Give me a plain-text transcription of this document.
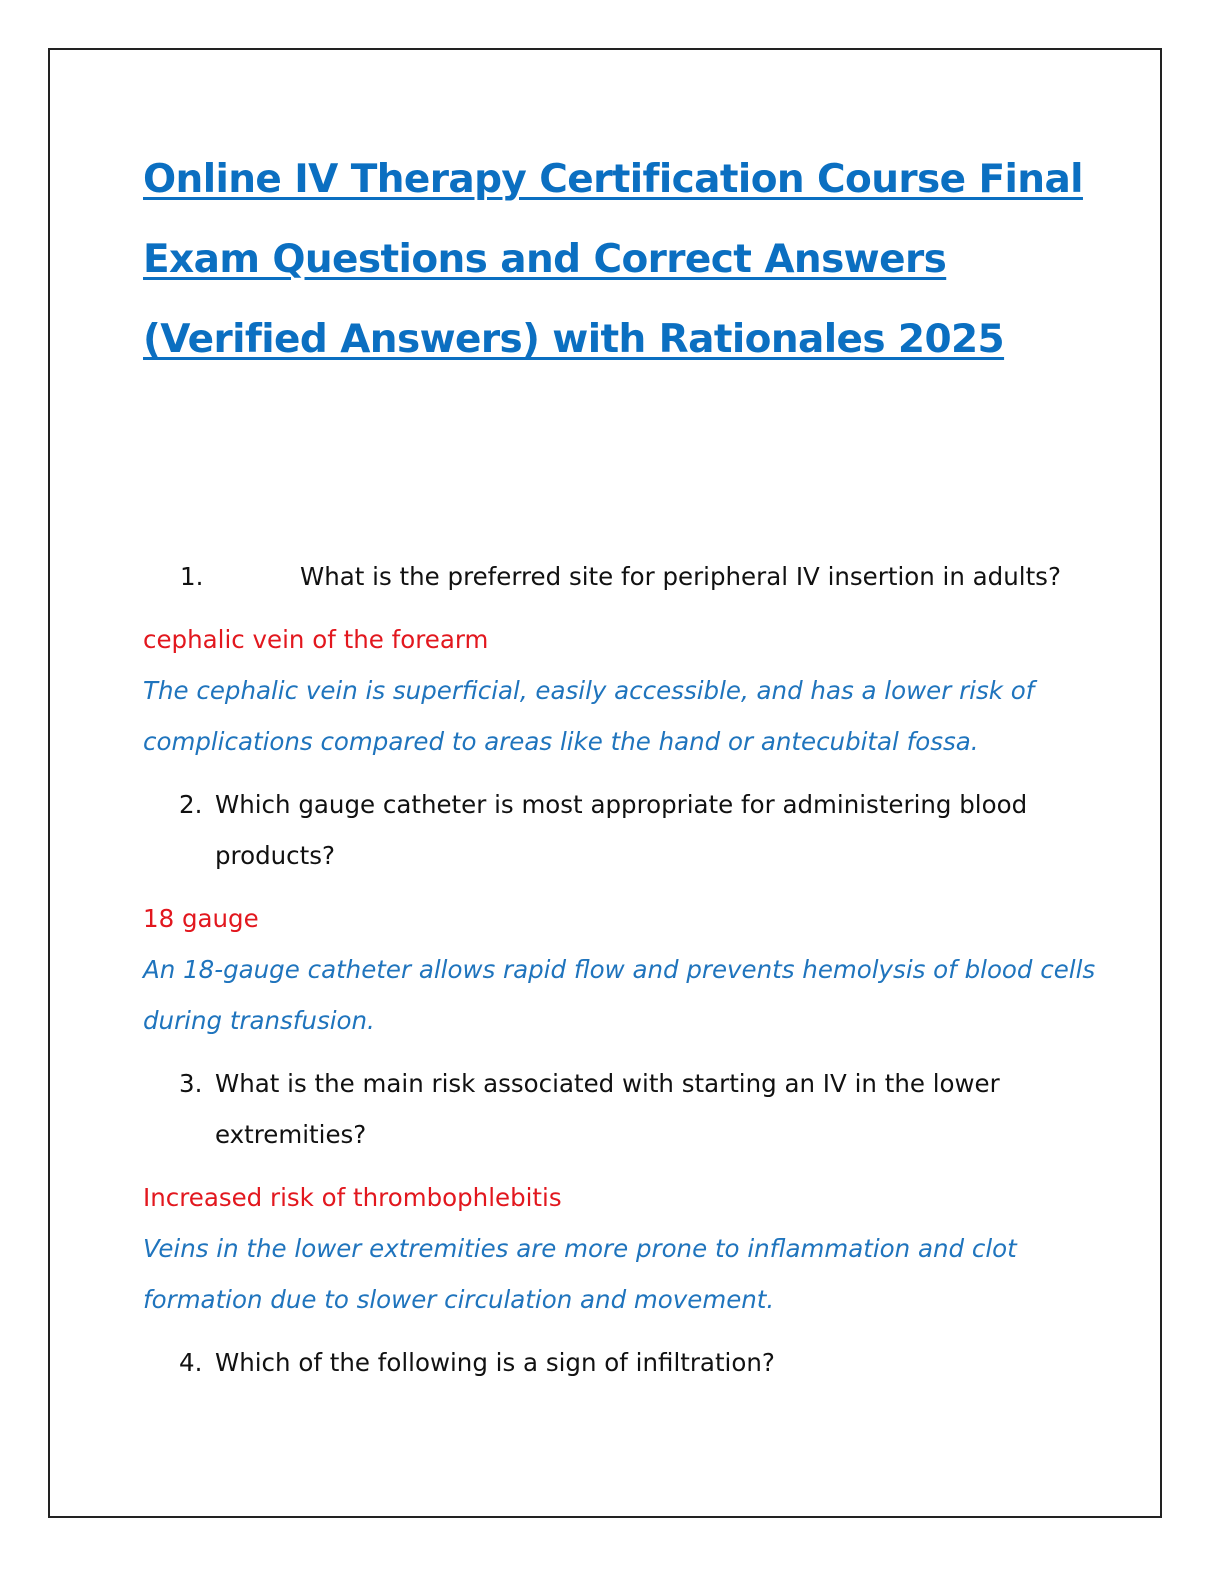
Online IV Therapy Certification Course Final
Exam Questions and Correct Answers
(Verified Answers) with Rationales 2025
1.	What is the preferred site for peripheral IV insertion in adults?

cephalic vein of the forearm

The cephalic vein is superficial, easily accessible, and has a lower risk of complications compared to areas like the hand or antecubital fossa.

2. Which gauge catheter is most appropriate for administering blood products?

18 gauge

An 18-gauge catheter allows rapid flow and prevents hemolysis of blood cells during transfusion.

3. What is the main risk associated with starting an IV in the lower extremities?

Increased risk of thrombophlebitis

Veins in the lower extremities are more prone to inflammation and clot formation due to slower circulation and movement.

4. Which of the following is a sign of infiltration?
